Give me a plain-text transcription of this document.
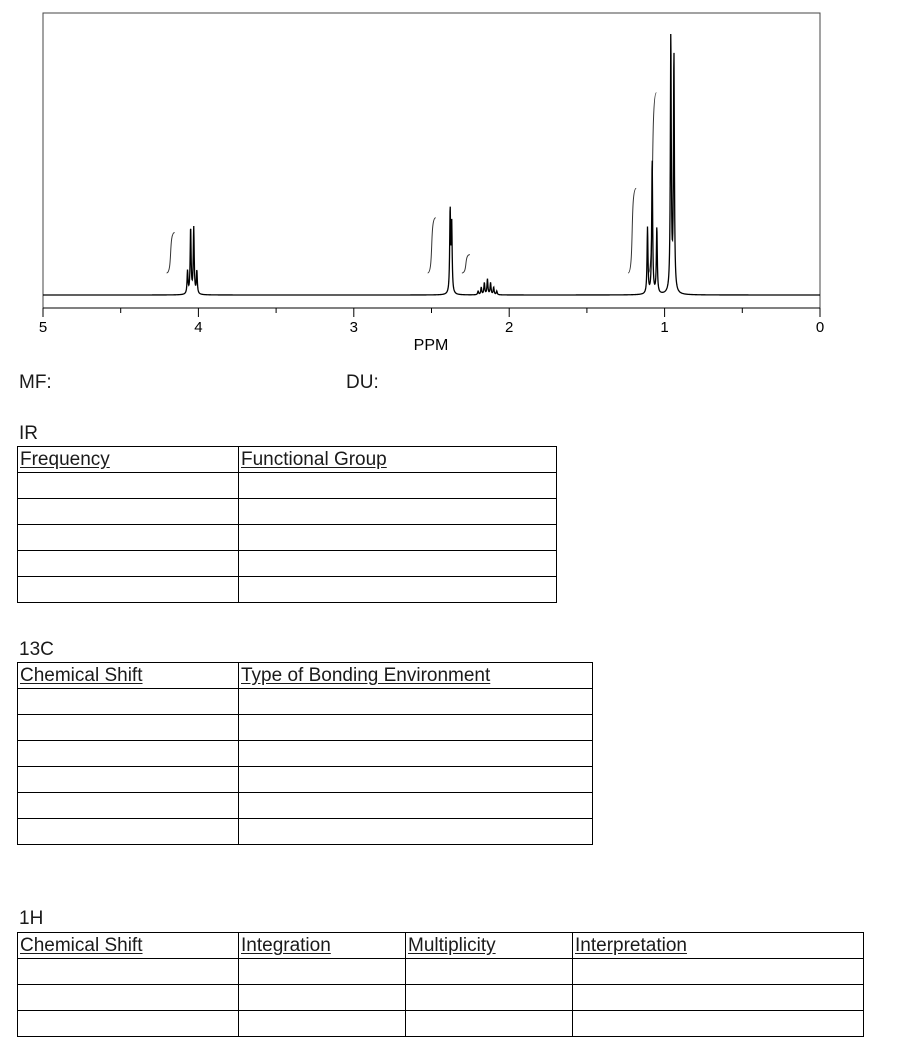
5	4	3	2	1	0
PPM
MF:	DU:
IR
Frequency	Functional Group

13C
Chemical Shift	Type of Bonding Environment

1H
Chemical Shift	Integration	Multiplicity	Interpretation
